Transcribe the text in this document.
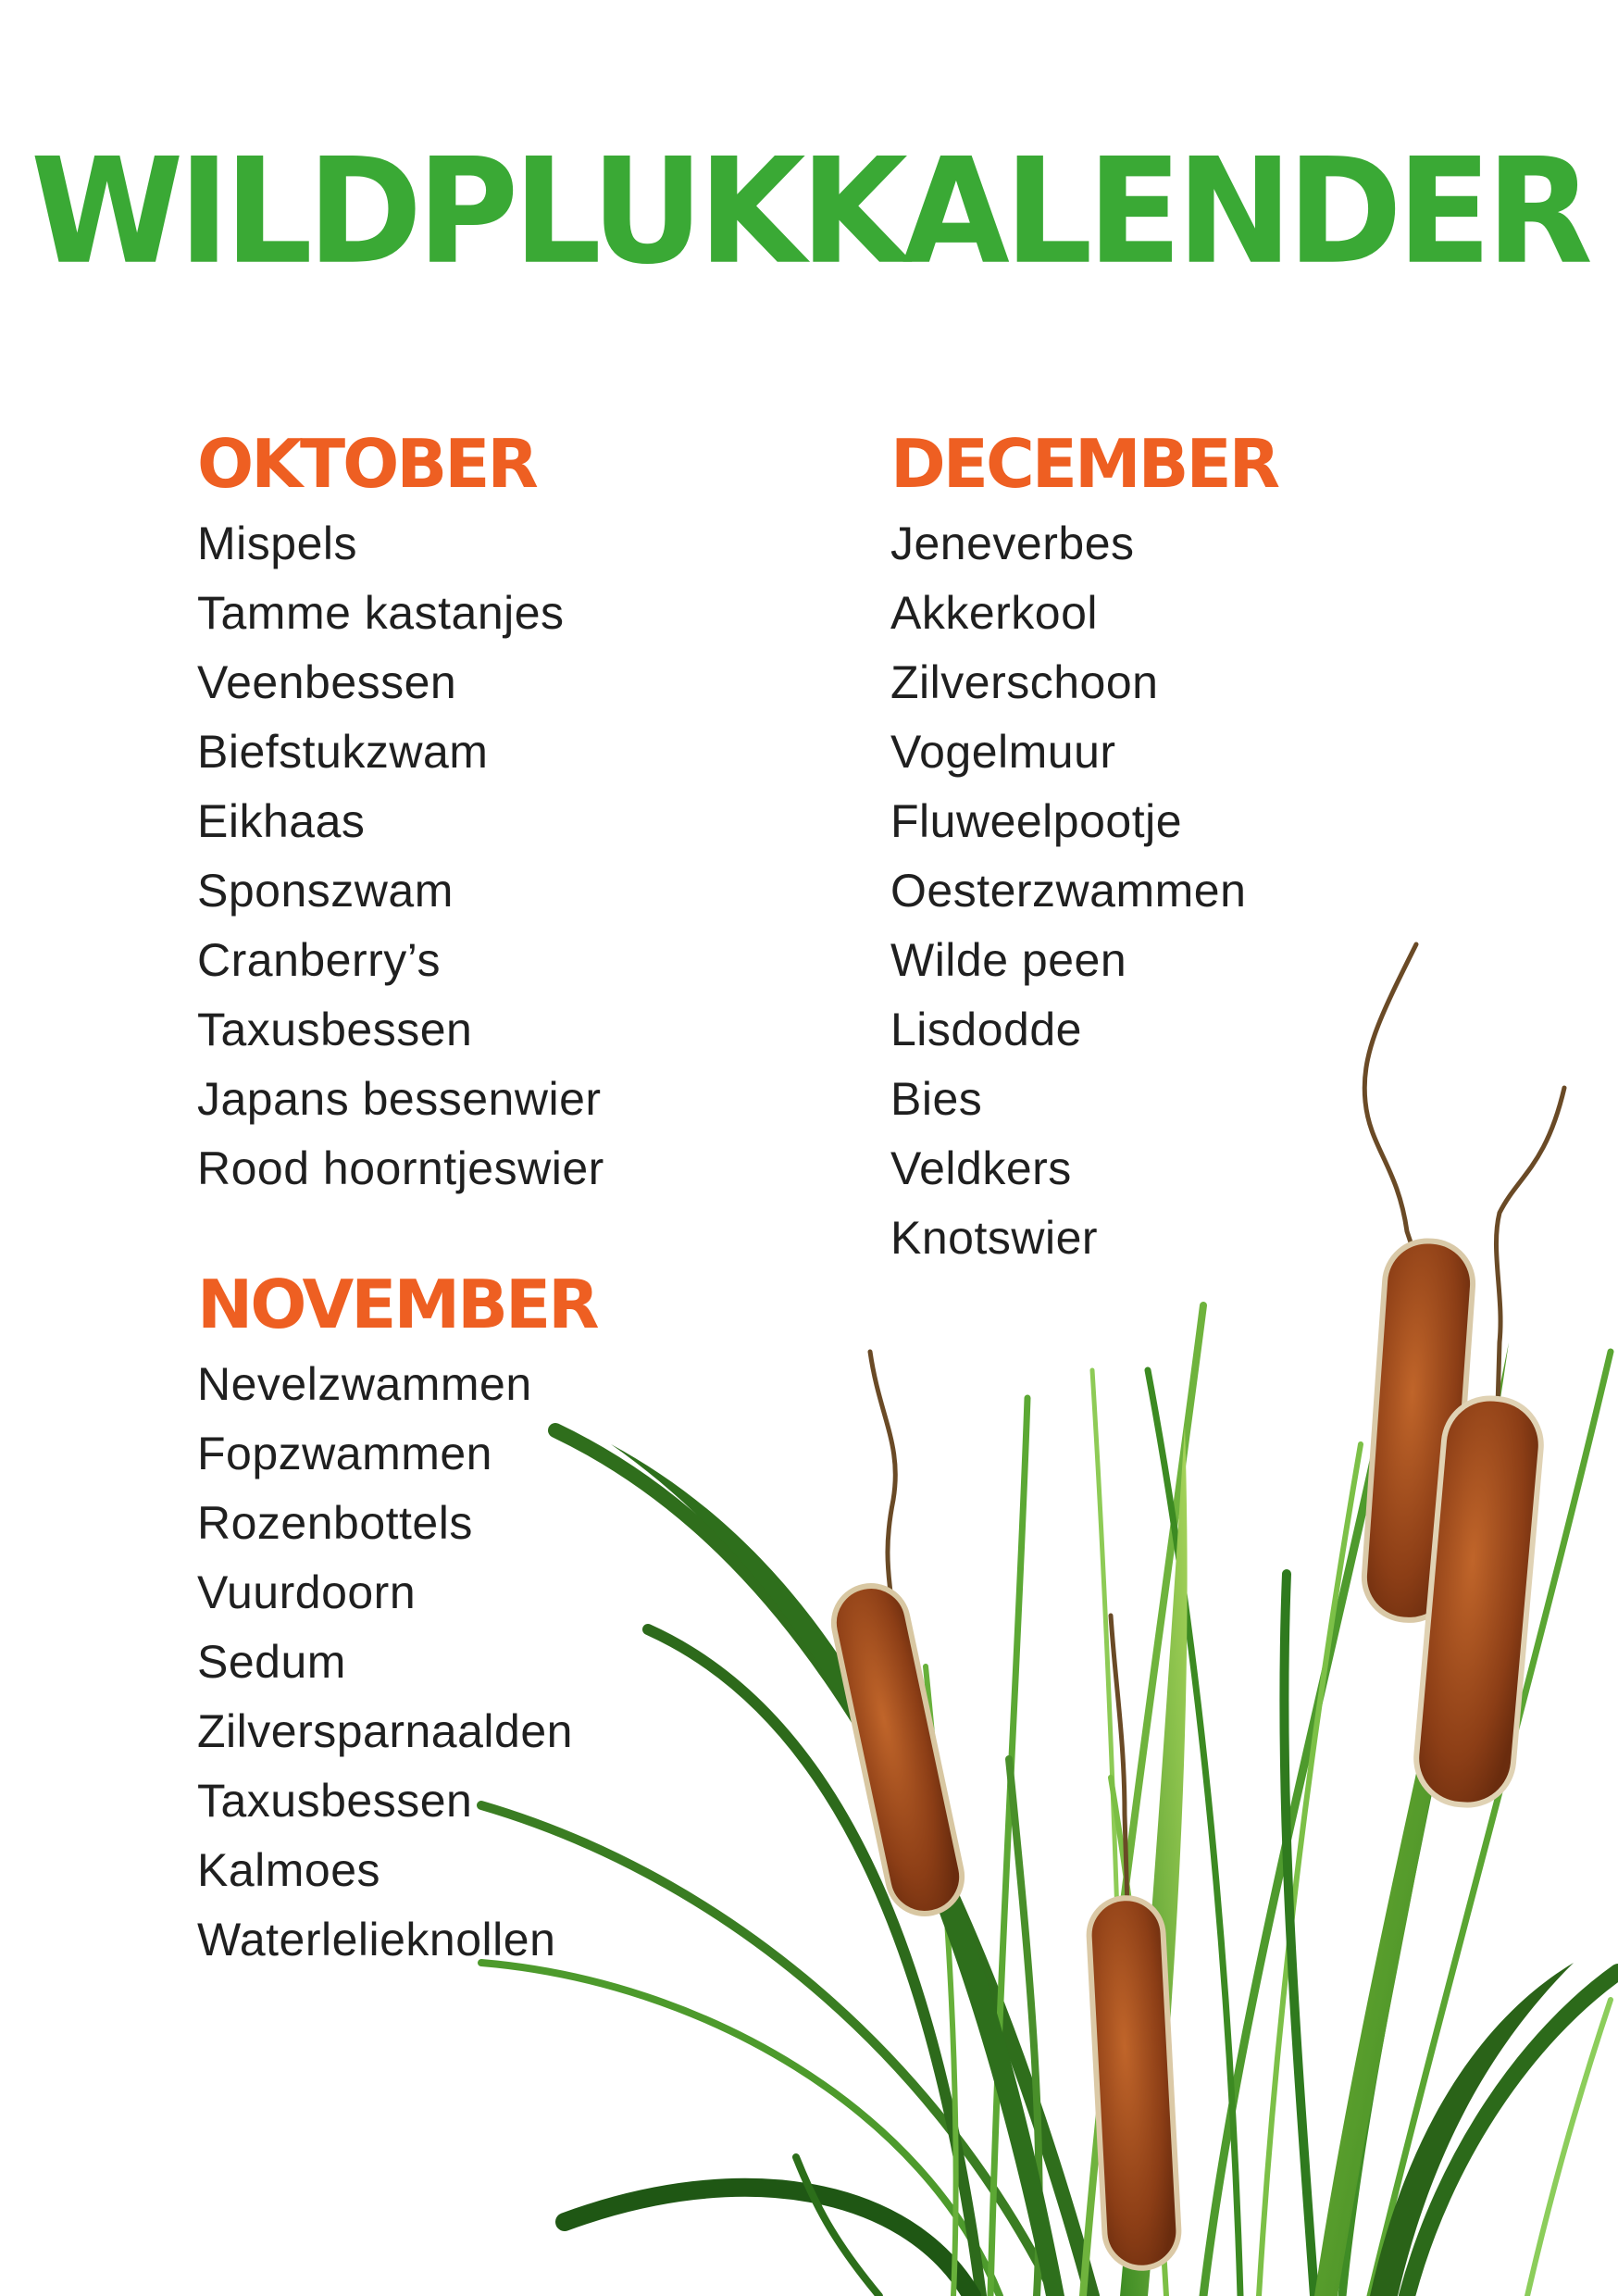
WILDPLUKKALENDER
OKTOBER
Mispels
Tamme kastanjes
Veenbessen
Biefstukzwam
Eikhaas
Sponszwam
Cranberry’s
Taxusbessen
Japans bessenwier
Rood hoorntjeswier
NOVEMBER
Nevelzwammen
Fopzwammen
Rozenbottels
Vuurdoorn
Sedum
Zilversparnaalden
Taxusbessen
Kalmoes
Waterlelieknollen
DECEMBER
Jeneverbes
Akkerkool
Zilverschoon
Vogelmuur
Fluweelpootje
Oesterzwammen
Wilde peen
Lisdodde
Bies
Veldkers
Knotswier
